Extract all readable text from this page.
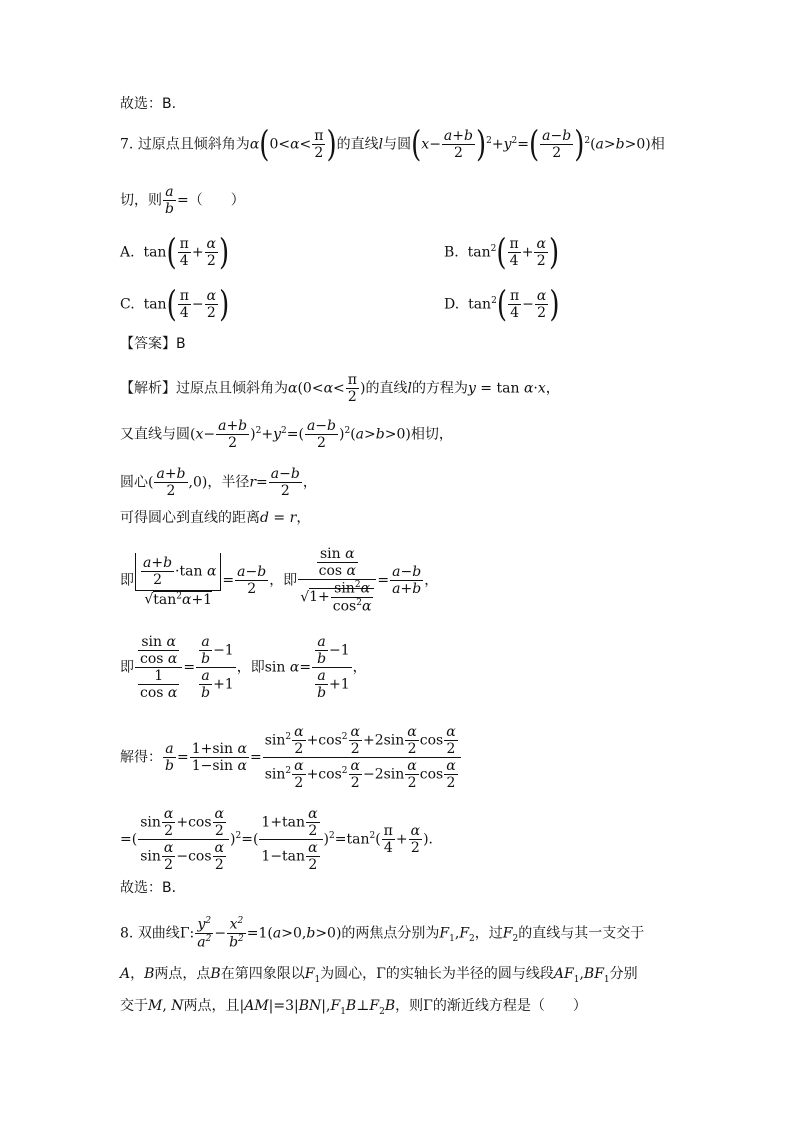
故选：B.
7. 过原点且倾斜角为$\alpha(0<\alpha< \frac{\pi}{2}$ )的直线l与圆$(x- \frac{a+b}{2} )^2+y^2=( \frac{a-b}{2} )^2(a>b>0)$相
切，则 $\frac{a}{b}$ =（　　）
A.  $\tan( \frac{\pi}{4} + \frac{\alpha}{2}$ )	B.  $\tan^2( \frac{\pi}{4} + \frac{\alpha}{2}$ )
C.  $\tan( \frac{\pi}{4} - \frac{\alpha}{2}$ )	D.  $\tan^2( \frac{\pi}{4} - \frac{\alpha}{2}$ )
【答案】B
【解析】过原点且倾斜角为$\alpha(0<\alpha< \frac{\pi}{2}$ )的直线l的方程为y = tan α·x，
又直线与圆$(x- \frac{a+b}{2} )^2+y^2=( \frac{a-b}{2} )^2(a>b>0)$相切，
圆心( $\frac{a+b}{2} ,0$)，半径$r= \frac{a-b}{2}$ ，
可得圆心到直线的距离d = r，
即 $\frac{\frac{a+b}{2} \cdot\tan \alpha}{√\tan^2\alpha+1} = \frac{a-b}{2}$ ，即 $\frac{\frac{\text{sin α}}{\text{cos α}}}{√1+ \frac{\sin^2\alpha}{\cos^2\alpha}} = \frac{a-b}{a+b}$ ，
即 $\frac{\frac{\text{sin α}}{\text{cos α}}}{\frac{1}{\text{cos α}}} = \frac{\frac{a}{b} -1}{\frac{a}{b} +1}$ ，即$\sin \alpha= \frac{\frac{a}{b} -1}{\frac{a}{b} +1}$ ，
解得： $\frac{a}{b} = \frac{\text{1+sin α}}{\text{1−sin α}} = \frac{\sin^2 \frac{\alpha}{2} +\cos^2 \frac{\alpha}{2} +2\sin \frac{\alpha}{2} \cos \frac{\alpha}{2}}{\sin^2 \frac{\alpha}{2} +\cos^2 \frac{\alpha}{2} -2\sin \frac{\alpha}{2} \cos \frac{\alpha}{2}}$
=( $\frac{\sin \frac{\alpha}{2} +\cos \frac{\alpha}{2}}{\sin \frac{\alpha}{2} -\cos \frac{\alpha}{2}} )^2=( \frac{1+\tan \frac{\alpha}{2}}{1-\tan \frac{\alpha}{2}} )^2=\tan^2( \frac{\pi}{4} + \frac{\alpha}{2}$ )．
故选：B．
8. 双曲线Γ: $\frac{y^2}{a^2} - \frac{x^2}{b^2} =1(a>0,b>0)$的两焦点分别为$F_1,F_2$，过$F_2$的直线与其一支交于
A，B两点，点B在第四象限以$F_1$为圆心，Γ的实轴长为半径的圆与线段$AF_1,BF_1$分别
交于M, N两点，且$|AM|=3|BN|,F_1B\perp F_2B$，则Γ的渐近线方程是（　　）
